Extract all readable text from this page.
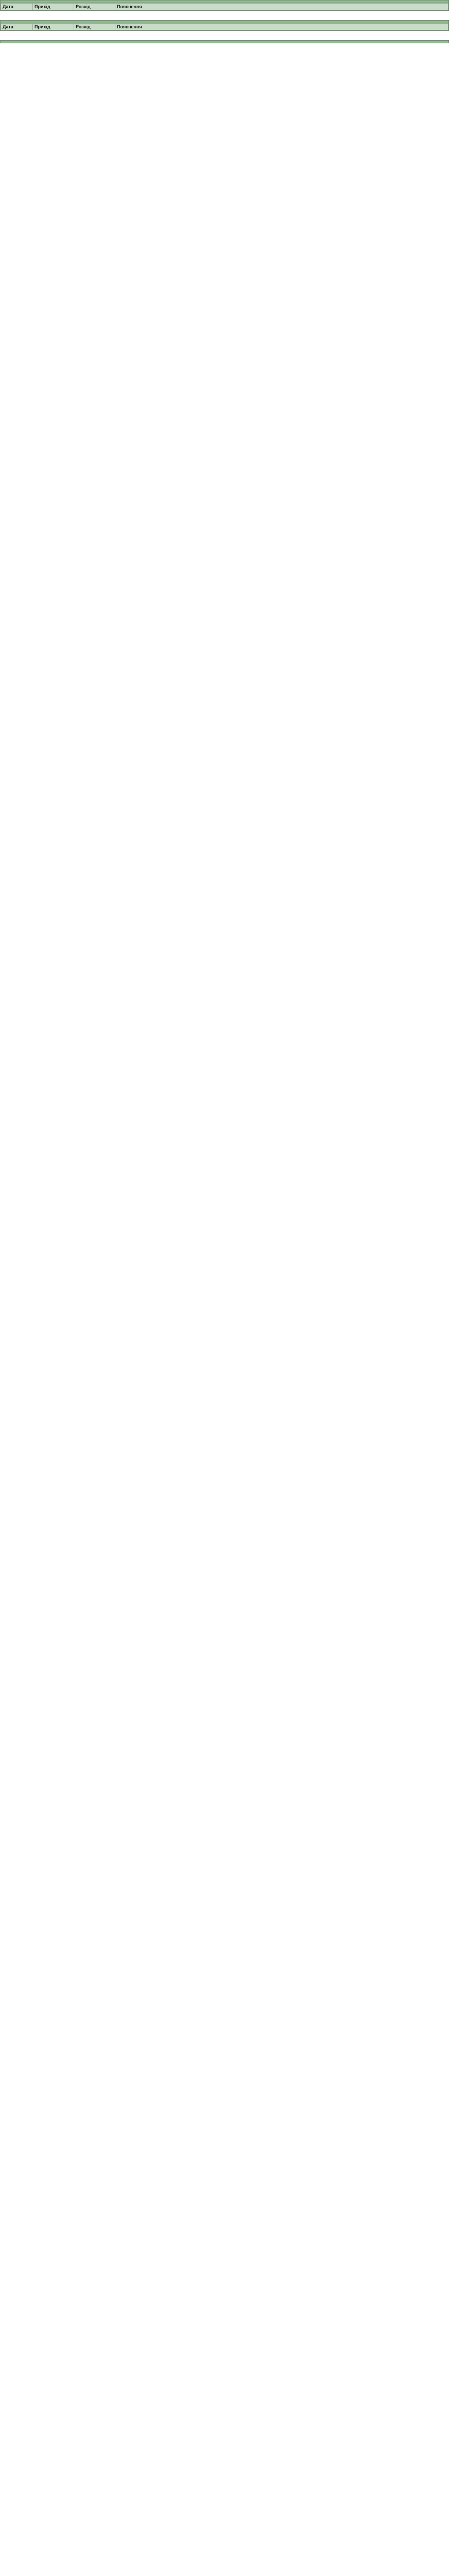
Дата	Прихід	Розхід	Пояснення
Дата	Прихід	Розхід	Пояснення
